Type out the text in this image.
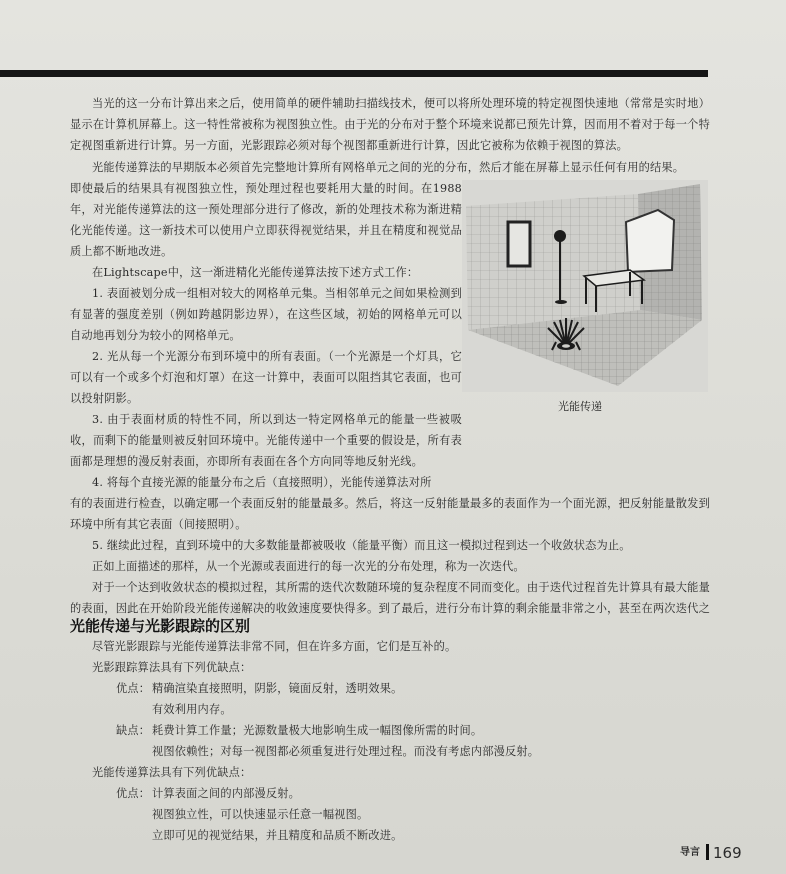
当光的这一分布计算出来之后，使用简单的硬件辅助扫描线技术，便可以将所处理环境的特定视图快速地（常常是实时地）显示在计算机屏幕上。这一特性常被称为视图独立性。由于光的分布对于整个环境来说都已预先计算，因而用不着对于每一个特定视图重新进行计算。另一方面，光影跟踪必须对每个视图都重新进行计算，因此它被称为依赖于视图的算法。

光能传递算法的早期版本必须首先完整地计算所有网格单元之间的光的分布，然后才能在屏幕上显示任何有用的结果。

即使最后的结果具有视图独立性，预处理过程也要耗用大量的时间。在1988年，对光能传递算法的这一预处理部分进行了修改，新的处理技术称为渐进精化光能传递。这一新技术可以使用户立即获得视觉结果，并且在精度和视觉品质上都不断地改进。

在Lightscape中，这一渐进精化光能传递算法按下述方式工作：

1. 表面被划分成一组相对较大的网格单元集。当相邻单元之间如果检测到有显著的强度差别（例如跨越阴影边界），在这些区域，初始的网格单元可以自动地再划分为较小的网格单元。

2. 光从每一个光源分布到环境中的所有表面。（一个光源是一个灯具，它可以有一个或多个灯泡和灯罩）在这一计算中，表面可以阻挡其它表面，也可以投射阴影。

3. 由于表面材质的特性不同，所以到达一特定网格单元的能量一些被吸收，而剩下的能量则被反射回环境中。光能传递中一个重要的假设是，所有表面都是理想的漫反射表面，亦即所有表面在各个方向同等地反射光线。

4. 将每个直接光源的能量分布之后（直接照明），光能传递算法对所

有的表面进行检查，以确定哪一个表面反射的能量最多。然后，将这一反射能量最多的表面作为一个面光源，把反射能量散发到环境中所有其它表面（间接照明）。

5. 继续此过程，直到环境中的大多数能量都被吸收（能量平衡）而且这一模拟过程到达一个收敛状态为止。

正如上面描述的那样，从一个光源或表面进行的每一次光的分布处理，称为一次迭代。

对于一个达到收敛状态的模拟过程，其所需的迭代次数随环境的复杂程度不同而变化。由于迭代过程首先计算具有最大能量的表面，因此在开始阶段光能传递解决的收敛速度要快得多。到了最后，进行分布计算的剩余能量非常之小，甚至在两次迭代之

光能传递
光能传递与光影跟踪的区别

尽管光影跟踪与光能传递算法非常不同，但在许多方面，它们是互补的。

光影跟踪算法具有下列优缺点：

优点： 精确渲染直接照明，阴影，镜面反射，透明效果。
有效利用内存。
缺点： 耗费计算工作量；光源数量极大地影响生成一幅图像所需的时间。
视图依赖性；对每一视图都必须重复进行处理过程。而没有考虑内部漫反射。

光能传递算法具有下列优缺点：

优点： 计算表面之间的内部漫反射。
视图独立性，可以快速显示任意一幅视图。
立即可见的视觉结果，并且精度和品质不断改进。
导言 169
